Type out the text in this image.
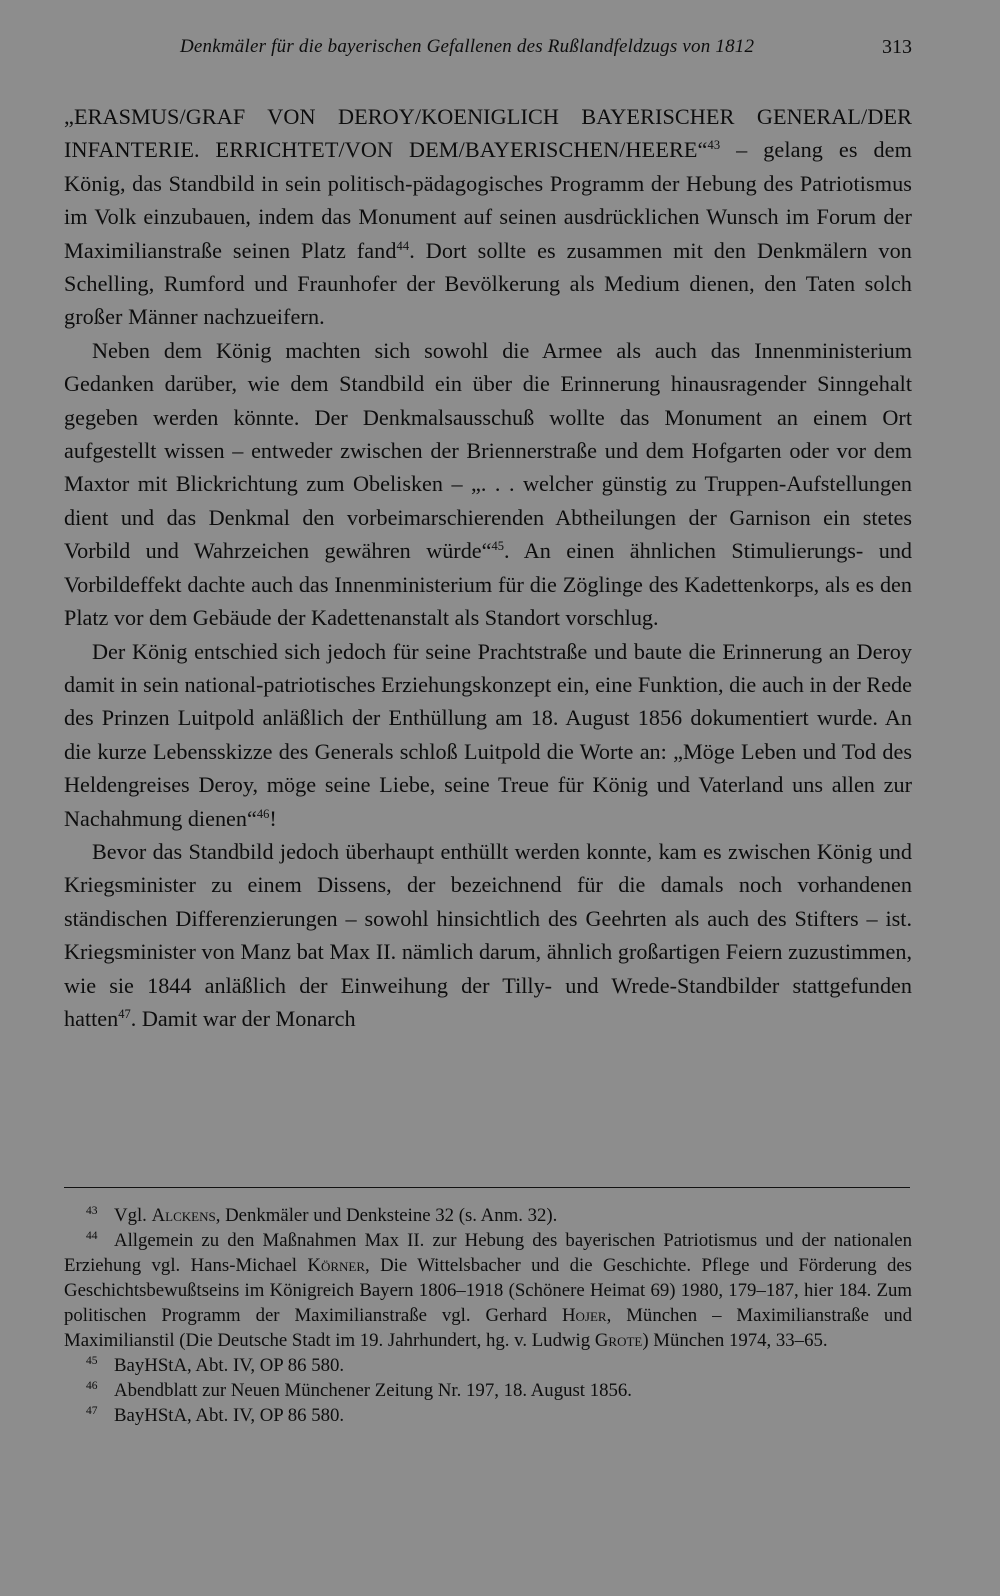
Denkmäler für die bayerischen Gefallenen des Rußlandfeldzugs von 1812	313

„ERASMUS/GRAF VON DEROY/KOENIGLICH BAYERISCHER GENERAL/DER INFANTERIE. ERRICHTET/VON DEM/BAYERISCHEN/HEERE“$^{43}$ – gelang es dem König, das Standbild in sein politisch-pädagogisches Programm der Hebung des Patriotismus im Volk einzubauen, indem das Monument auf seinen ausdrücklichen Wunsch im Forum der Maximilianstraße seinen Platz fand$^{44}$. Dort sollte es zusammen mit den Denkmälern von Schelling, Rumford und Fraunhofer der Bevölkerung als Medium dienen, den Taten solch großer Männer nachzueifern.

Neben dem König machten sich sowohl die Armee als auch das Innenministerium Gedanken darüber, wie dem Standbild ein über die Erinnerung hinausragender Sinngehalt gegeben werden könnte. Der Denkmalsausschuß wollte das Monument an einem Ort aufgestellt wissen – entweder zwischen der Briennerstraße und dem Hofgarten oder vor dem Maxtor mit Blickrichtung zum Obelisken – „. . . welcher günstig zu Truppen-Aufstellungen dient und das Denkmal den vorbeimarschierenden Abtheilungen der Garnison ein stetes Vorbild und Wahrzeichen gewähren würde“$^{45}$. An einen ähnlichen Stimulierungs- und Vorbildeffekt dachte auch das Innenministerium für die Zöglinge des Kadettenkorps, als es den Platz vor dem Gebäude der Kadettenanstalt als Standort vorschlug.

Der König entschied sich jedoch für seine Prachtstraße und baute die Erinnerung an Deroy damit in sein national-patriotisches Erziehungskonzept ein, eine Funktion, die auch in der Rede des Prinzen Luitpold anläßlich der Enthüllung am 18. August 1856 dokumentiert wurde. An die kurze Lebensskizze des Generals schloß Luitpold die Worte an: „Möge Leben und Tod des Heldengreises Deroy, möge seine Liebe, seine Treue für König und Vaterland uns allen zur Nachahmung dienen“$^{46}$!

Bevor das Standbild jedoch überhaupt enthüllt werden konnte, kam es zwischen König und Kriegsminister zu einem Dissens, der bezeichnend für die damals noch vorhandenen ständischen Differenzierungen – sowohl hinsichtlich des Geehrten als auch des Stifters – ist. Kriegsminister von Manz bat Max II. nämlich darum, ähnlich großartigen Feiern zuzustimmen, wie sie 1844 anläßlich der Einweihung der Tilly- und Wrede-Standbilder stattgefunden hatten$^{47}$. Damit war der Monarch

43 Vgl. Alckens, Denkmäler und Denksteine 32 (s. Anm. 32).

44 Allgemein zu den Maßnahmen Max II. zur Hebung des bayerischen Patriotismus und der nationalen Erziehung vgl. Hans-Michael Körner, Die Wittelsbacher und die Geschichte. Pflege und Förderung des Geschichtsbewußtseins im Königreich Bayern 1806–1918 (Schönere Heimat 69) 1980, 179–187, hier 184. Zum politischen Programm der Maximilianstraße vgl. Gerhard Hojer, München – Maximilianstraße und Maximilianstil (Die Deutsche Stadt im 19. Jahrhundert, hg. v. Ludwig Grote) München 1974, 33–65.

45 BayHStA, Abt. IV, OP 86 580.

46 Abendblatt zur Neuen Münchener Zeitung Nr. 197, 18. August 1856.

47 BayHStA, Abt. IV, OP 86 580.
